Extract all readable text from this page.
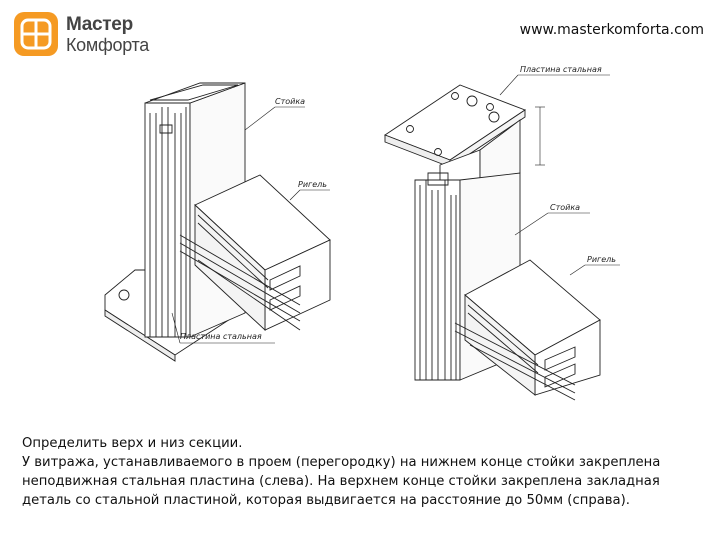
Мастер
Комфорта
www.masterkomforta.com
Стойка
Ригель
Пластина стальная
Пластина стальная
Стойка
Ригель

Определить верх и низ секции.

У витража, устанавливаемого в проем (перегородку) на нижнем конце стойки закреплена неподвижная стальная пластина (слева). На верхнем конце стойки закреплена закладная деталь со стальной пластиной, которая выдвигается на расстояние до 50мм (справа).
